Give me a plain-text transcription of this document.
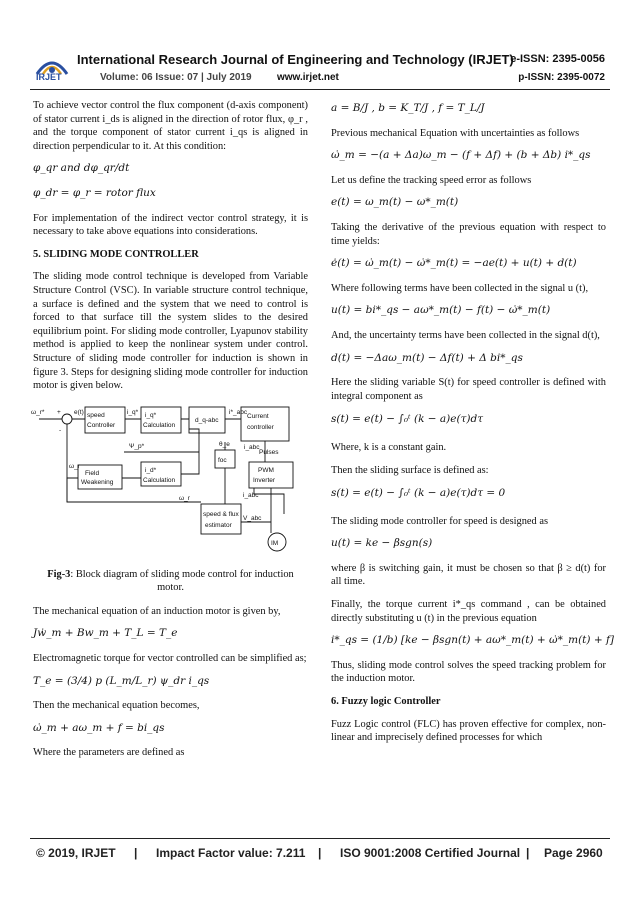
IRJET
International Research Journal of Engineering and Technology (IRJET)
e-ISSN: 2395-0056
Volume: 06 Issue: 07 | July 2019	www.irjet.net	p-ISSN: 2395-0072

To achieve vector control the flux component (d-axis component) of stator current i_ds is aligned in the direction of rotor flux, φ_r , and the torque component of stator current i_qs is aligned in direction perpendicular to it. At this condition:

φ_qr and dφ_qr/dt
φ_dr = φ_r = rotor flux

For implementation of the indirect vector control strategy, it is necessary to take above equations into considerations.

5. SLIDING MODE CONTROLLER

The sliding mode control technique is developed from Variable Structure Control (VSC). In variable structure control technique, a surface is defined and the system that we need to control is forced to that surface till the system slides to the desired equilibrium point. For sliding mode controller, Lyapunov stability method is applied to keep the nonlinear system under control. Structure of sliding mode controller for induction is shown in figure 3. Steps for designing sliding mode controller for induction motor is given below.

speed
Controller
i_q*
Calculation
d_q-abc
Current
controller
i_d*
Calculation
Field
Weakening
foc
PWM
Inverter
speed & flux
estimator
IM
ω_r* +
-
e(t)
ω_r
i_q*	i*_abc
i_abc
Pulses
i_abc
V_abc
θ_e
Ψ_p*
ω_r
Fig-3: Block diagram of sliding mode control for induction motor.

The mechanical equation of an induction motor is given by,

Jẇ_m + Bw_m + T_L = T_e

Electromagnetic torque for vector controlled can be simplified as;

T_e = (3/4) p (L_m/L_r) ψ_dr i_qs

Then the mechanical equation becomes,

ω̇_m + aω_m + f = bi_qs

Where the parameters are defined as

a = B/J , b = K_T/J , f = T_L/J

Previous mechanical Equation with uncertainties as follows

ω̇_m = −(a + Δa)ω_m − (f + Δf) + (b + Δb) i*_qs

Let us define the tracking speed error as follows

e(t) = ω_m(t) − ω*_m(t)

Taking the derivative of the previous equation with respect to time yields:

ė(t) = ω̇_m(t) − ω̇*_m(t) = −ae(t) + u(t) + d(t)

Where following terms have been collected in the signal u (t),

u(t) = bi*_qs − aω*_m(t) − f(t) − ω̇*_m(t)

And, the uncertainty terms have been collected in the signal d(t),

d(t) = −Δaω_m(t) − Δf(t) + Δ bi*_qs

Here the sliding variable S(t) for speed controller is defined with integral component as

s(t) = e(t) − ∫₀ᵗ (k − a)e(τ)dτ

Where, k is a constant gain.

Then the sliding surface is defined as:

s(t) = e(t) − ∫₀ᵗ (k − a)e(τ)dτ = 0

The sliding mode controller for speed is designed as

u(t) = ke − βsgn(s)

where β is switching gain, it must be chosen so that β ≥ d(t) for all time.

Finally, the torque current i*_qs command , can be obtained directly substituting u (t) in the previous equation

i*_qs = (1/b) [ke − βsgn(t) + aω*_m(t) + ω̇*_m(t) + f]

Thus, sliding mode control solves the speed tracking problem for the induction motor.

6. Fuzzy logic Controller

Fuzz Logic control (FLC) has proven effective for complex, non-linear and imprecisely defined processes for which

© 2019, IRJET | Impact Factor value: 7.211 | ISO 9001:2008 Certified Journal | Page 2960
